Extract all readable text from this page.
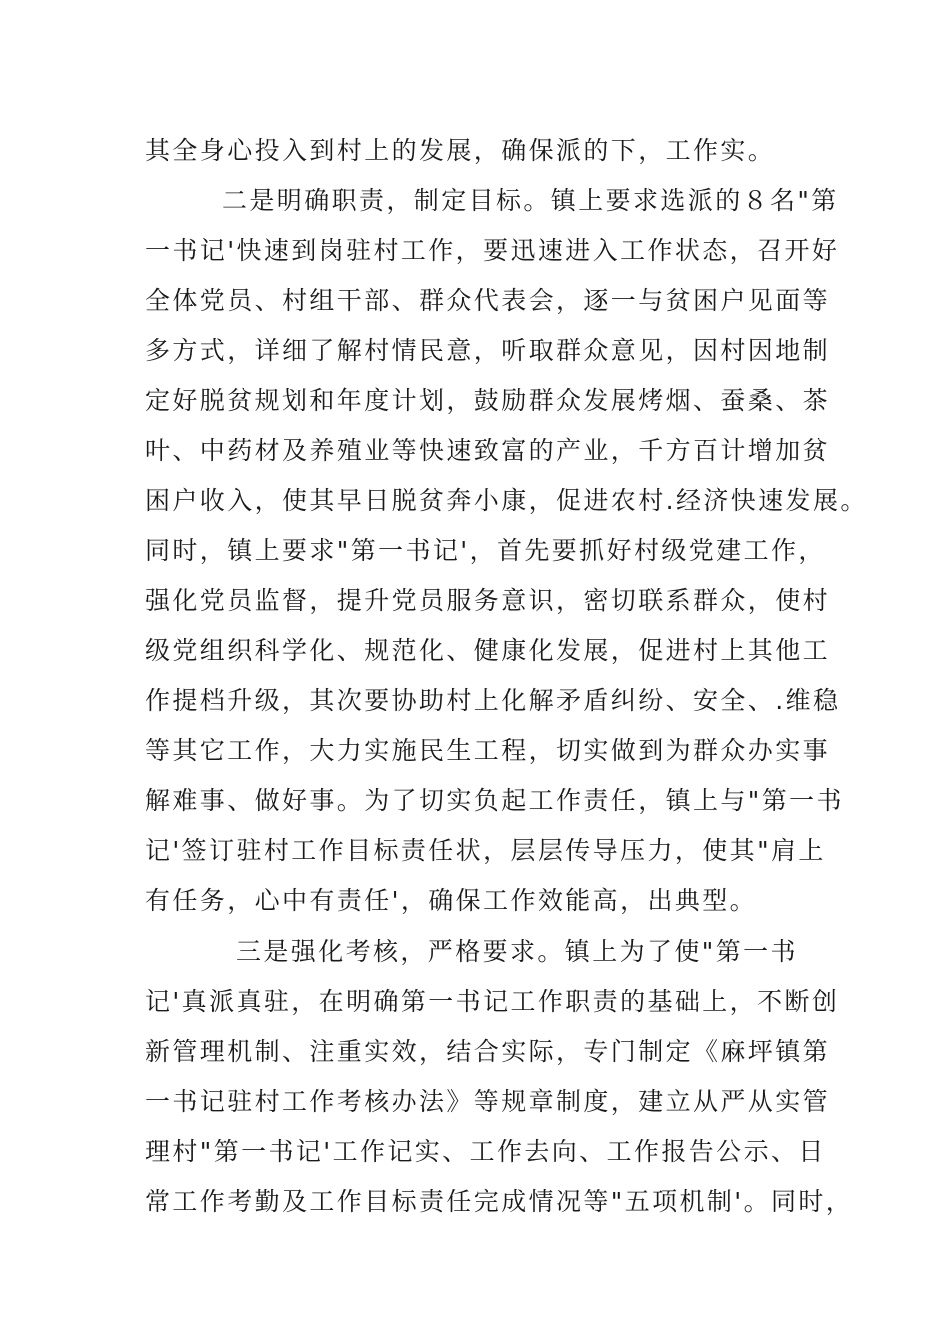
其全身心投入到村上的发展，确保派的下，工作实。
二是明确职责，制定目标。镇上要求选派的８名"第
一书记'快速到岗驻村工作，要迅速进入工作状态，召开好
全体党员、村组干部、群众代表会，逐一与贫困户见面等
多方式，详细了解村情民意，听取群众意见，因村因地制
定好脱贫规划和年度计划，鼓励群众发展烤烟、蚕桑、茶
叶、中药材及养殖业等快速致富的产业，千方百计增加贫
困户收入，使其早日脱贫奔小康，促进农村.经济快速发展。
同时，镇上要求"第一书记'，首先要抓好村级党建工作，
强化党员监督，提升党员服务意识，密切联系群众，使村
级党组织科学化、规范化、健康化发展，促进村上其他工
作提档升级，其次要协助村上化解矛盾纠纷、安全、.维稳
等其它工作，大力实施民生工程，切实做到为群众办实事
解难事、做好事。为了切实负起工作责任，镇上与"第一书
记'签订驻村工作目标责任状，层层传导压力，使其"肩上
有任务，心中有责任'，确保工作效能高，出典型。
三是强化考核，严格要求。镇上为了使"第一书
记'真派真驻，在明确第一书记工作职责的基础上，不断创
新管理机制、注重实效，结合实际，专门制定《麻坪镇第
一书记驻村工作考核办法》等规章制度，建立从严从实管
理村"第一书记'工作记实、工作去向、工作报告公示、日
常工作考勤及工作目标责任完成情况等"五项机制'。同时，
